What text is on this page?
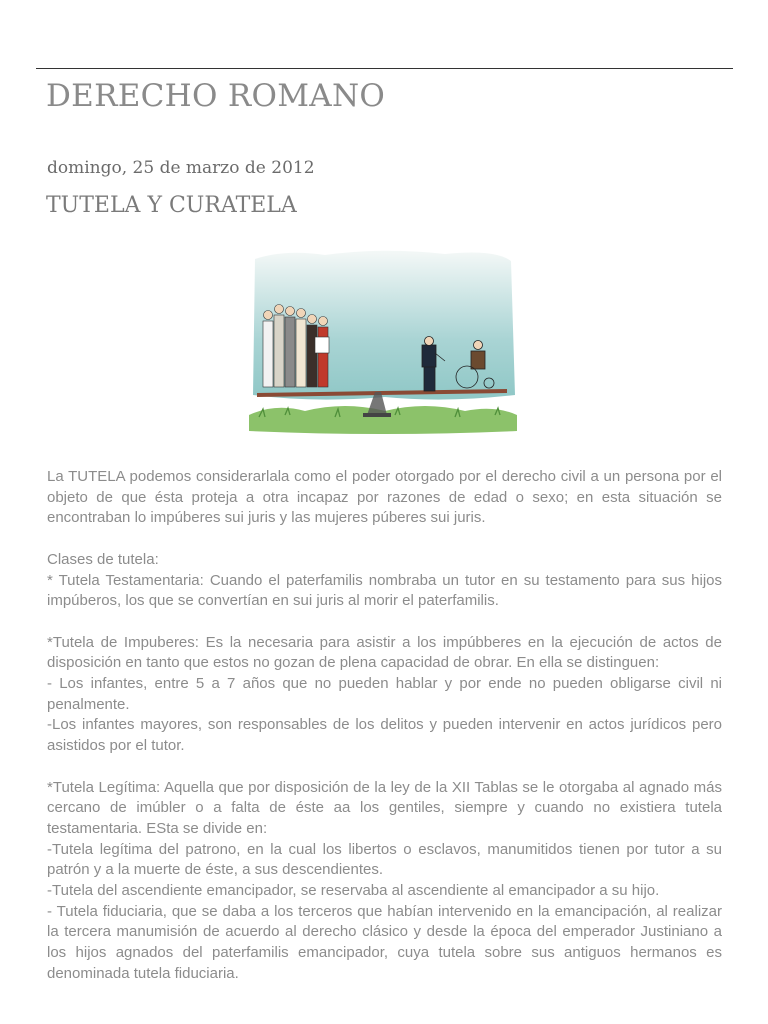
DERECHO ROMANO
domingo, 25 de marzo de 2012
TUTELA Y CURATELA

La TUTELA podemos considerarlala como el poder otorgado por el derecho civil a un persona por el objeto de que ésta proteja a otra incapaz por razones de edad o sexo; en esta situación se encontraban lo impúberes sui juris y las mujeres púberes sui juris.

Clases de tutela:

* Tutela Testamentaria: Cuando el paterfamilis nombraba un tutor en su testamento para sus hijos impúberos, los que se convertían en sui juris al morir el paterfamilis.

*Tutela de Impuberes: Es la necesaria para asistir a los impúbberes en la ejecución de actos de disposición en tanto que estos no gozan de plena capacidad de obrar. En ella se distinguen:

- Los infantes, entre 5 a 7 años que no pueden hablar y por ende no pueden obligarse civil ni penalmente.

-Los infantes mayores, son responsables de los delitos y pueden intervenir en actos jurídicos pero asistidos por el tutor.

*Tutela Legítima: Aquella que por disposición de la ley de la XII Tablas se le otorgaba al agnado más cercano de imúbler o a falta de éste aa los gentiles, siempre y cuando no existiera tutela testamentaria. ESta se divide en:

-Tutela legítima del patrono, en la cual los libertos o esclavos, manumitidos tienen por tutor a su patrón y a la muerte de éste, a sus descendientes.

-Tutela del ascendiente emancipador, se reservaba al ascendiente al emancipador a su hijo.

- Tutela fiduciaria, que se daba a los terceros que habían intervenido en la emancipación, al realizar la tercera manumisión de acuerdo al derecho clásico y desde la época del emperador Justiniano a los hijos agnados del paterfamilis emancipador, cuya tutela sobre sus antiguos hermanos es denominada tutela fiduciaria.
